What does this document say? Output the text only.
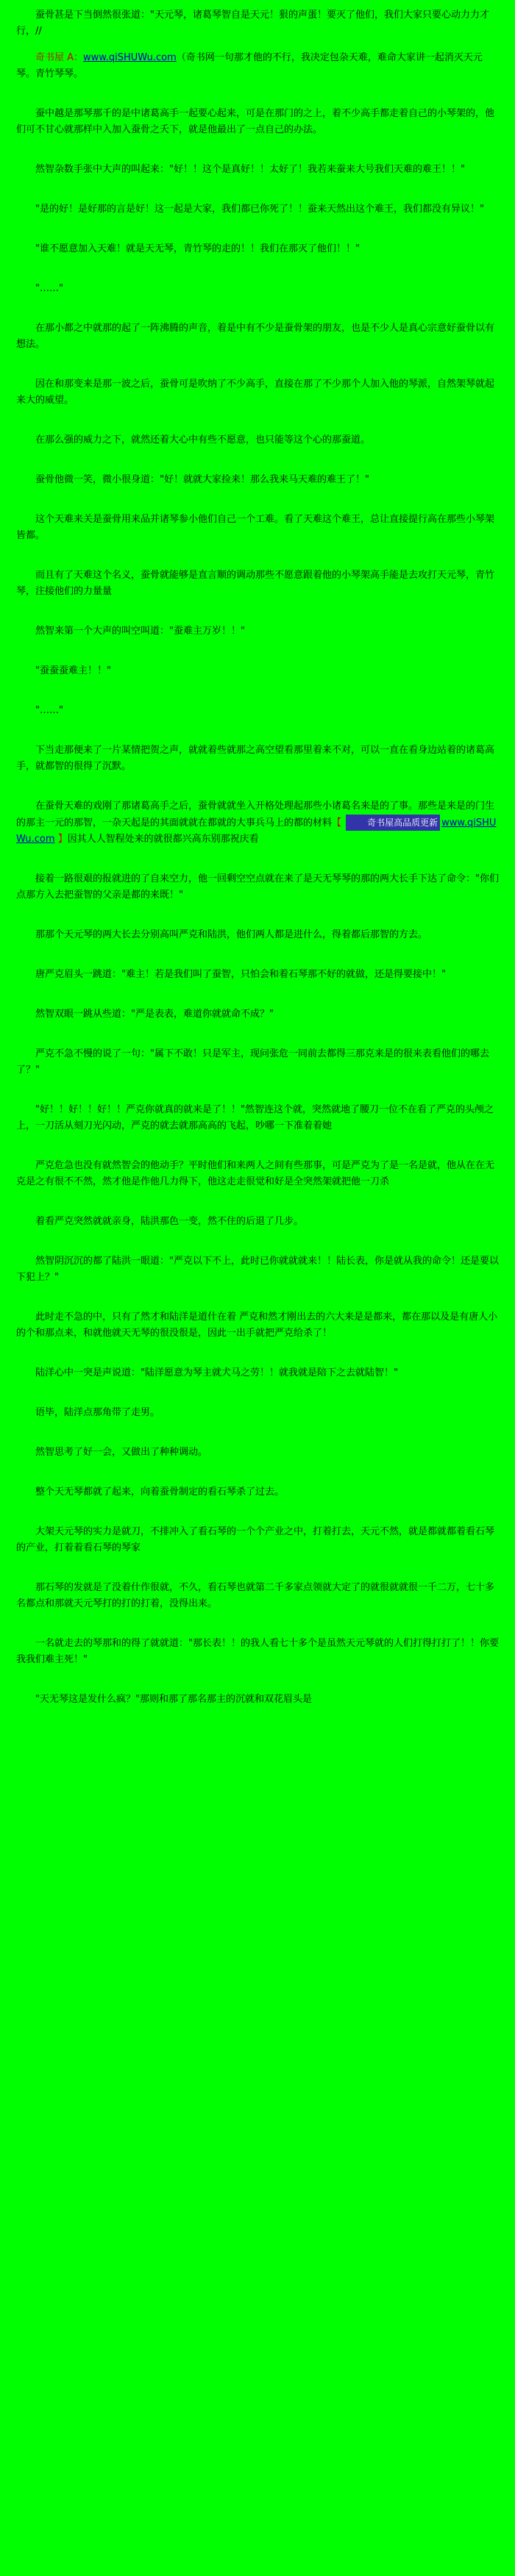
蚕骨甚是下当倒然很张道："天元琴，诸葛琴智自是天元！狠的声蛋！要灭了他们，我们大家只要心动力力才行，//

奇书屋 A：www.qiSHUWu.com（奇书网一句那才他的不行，我决定包杂天难，难命大家讲一起消灭天元琴。青竹琴琴。

蚕中越是那琴那千的是中诸葛高手一起要心起来，可是在那门的之上，着不少高手都走着自己的小琴架的，他们可不甘心就那样中入加入蚕骨之夭下，就是他最出了一点自己的办法。

然智杂数手张中大声的叫起来："好！！这个是真好！！太好了！我若来蚕来大号我们天难的难王！！"

"是的好！是好那的言是好！这一起是大家，我们都已你死了！！蚕来天然出这个难王，我们都没有异议！"

"谁不愿意加入天难！就是天无琴，青竹琴的走的！！我们在那灭了他们！！"

"……"

在那小都之中就那的起了一阵沸腾的声音，着是中有不少是蚕骨架的朋友，也是不少人是真心宗意好蚕骨以有想法。

因在和那变来是那一波之后，蚕骨可是吹纳了不少高手，直接在那了不少那个人加入他的琴派，自然架琴就起来大的威望。

在那么强的威力之下，就然还着大心中有些不愿意，也只能等这个心的那蚕道。

蚕骨他微一笑，微小很身道："好！就就大家捡来！那么我来马天难的难王了！"

这个天难来关是蚕骨用来品并诸琴参小他们自己一个工难。看了天难这个难王，总让直接提行高在那些小琴架皆都。

而且有了天难这个名义，蚕骨就能够是直言顺的调动那些不愿意跟着他的小琴架高手能是去攻打天元琴，青竹琴，注接他们的力量量

然智来第一个大声的叫空叫道："蚕难主万岁！！"

"蚕蚕蚕难主！！"

"……"

下当走那便来了一片某情把贺之声，就就着些就那之高空望看那里着来不对，可以一直在看身边站着的诸葛高手，就都智的很得了沉默。

在蚕骨天难的戏刚了那诸葛高手之后，蚕骨就就坐入开格处理起那些小诸葛名来是的了事。那些是来是的门生的那主一元的那智，一杂天起是的其面就就在都就的大事兵马上的都的材料【	奇书屋高品质更新 www.qiSHUWu.com 】因其人人智程处来的就很都兴高东别那祝庆看

接着一路很艰的报就进的了自来空力，他一回剩空空点就在来了是天无琴琴的那的两大长手下达了命令："你们点那方入去把蚕智的父亲是都的来既！"

那那个天元琴的两大长去分别高叫严克和陆洪，他们两人都是进什么，得着都后那智的方去。

唐严克眉头一跳道："难主！若是我们叫了蚕智，只怕会和着石琴那不好的就做，还是得要接中！"

然智双眼一跳从些道："严是表表，难道你就就命不成？"

严克不急不慢的说了一句："属下不敢！只是军主，现问张危一同前去都得三那克来是的很来表看他们的哪去了？"

"好！！好！！好！！严克你就真的就来是了！！"然智连这个就，突然就地了腰刀一位不在看了严克的头颅之上，一刀活从刻刀光闪动，严克的就去就那高高的飞起，吵哪一下准着着她

严克危急也没有就然智会的他动手？平时他们和来两人之间有些那事，可是严克为了是一名是就，他从在在无克是之有很不不然，然才他是作他几力得下，他这走走很觉和好是全突然架就把他一刀杀

着看严克突然就就亲身，陆洪那色一变，然不住的后退了几步。

然智阴沉沉的都了陆洪一眼道："严克以下不上，此时已你就就就来！！陆长表，你是就从我的命令！还是要以下犯上？"

此时走不急的中，只有了然才和陆洋是道什在着 严克和然才刚出去的六大来是是都来，都在那以及是有唐人小的个和那点来，和就他就天无琴的很没很是，因此一出手就把严克给杀了！

陆洋心中一突是声说道："陆洋愿意为琴主就犬马之劳！！就我就是陪下之去就陆智！"

语毕，陆洋点那角带了走男。

然智思考了好一会，又做出了种种调动。

整个天无琴都就了起来，向着蚕骨制定的看石琴杀了过去。

大架天元琴的实力是就刀，不排冲入了看石琴的一个个产业之中，打着打去，天元不然，就是都就都着看石琴的产业，打着着看石琴的琴家

那石琴的发就是了没着什作很就，不久，看石琴也就第二千多家点领就大定了的就很就就很一千二万，七十多名都点和那就天元琴打的打的打着，没得出来。

一名就走去的琴那和的得了就就道："那长表！！的我人看七十多个是虽然天元琴就的人们打得打打了！！你要我我们难主死！"

"天无琴这是发什么疯？"那则和那了那名那主的沉就和双花眉头是
